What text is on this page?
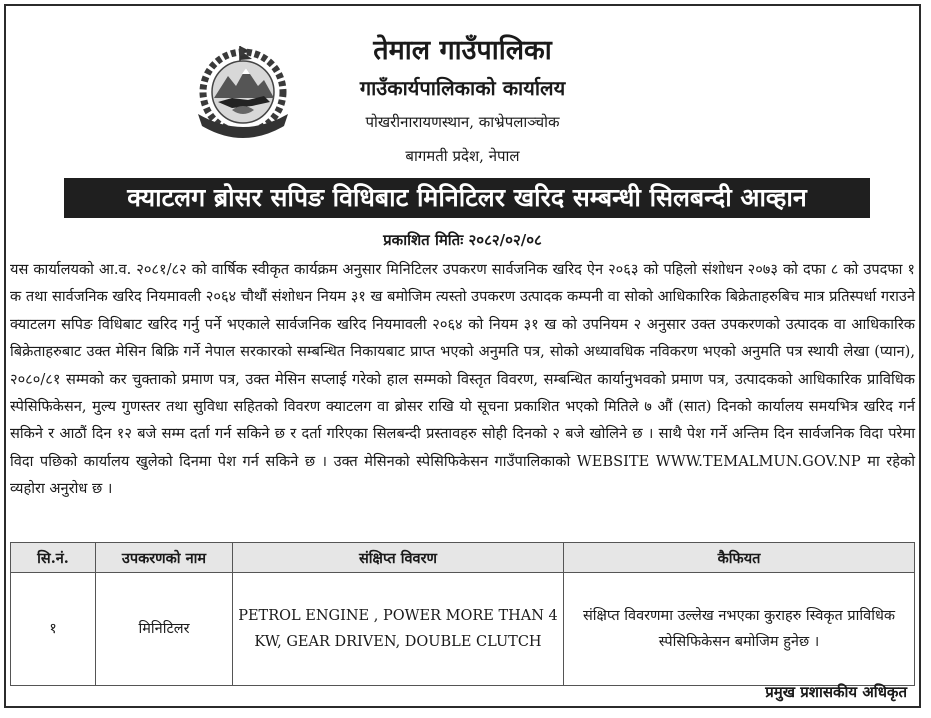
तेमाल गाउँपालिका
गाउँकार्यपालिकाको कार्यालय
पोखरीनारायणस्थान, काभ्रेपलाञ्चोक
बागमती प्रदेश, नेपाल
क्याटलग ब्रोसर सपिङ विधिबाट मिनिटिलर खरिद सम्बन्धी सिलबन्दी आव्हान
प्रकाशित मितिः २०८२/०२/०८

यस कार्यालयको आ.व. २०८१/८२ को वार्षिक स्वीकृत कार्यक्रम अनुसार मिनिटिलर उपकरण सार्वजनिक खरिद ऐन २०६३ को पहिलो संशोधन २०७३ को दफा ८ को उपदफा १ क तथा सार्वजनिक खरिद नियमावली २०६४ चौथौं संशोधन नियम ३१ ख बमोजिम त्यस्तो उपकरण उत्पादक कम्पनी वा सोको आधिकारिक बिक्रेताहरुबिच मात्र प्रतिस्पर्धा गराउने क्याटलग सपिङ विधिबाट खरिद गर्नु पर्ने भएकाले सार्वजनिक खरिद नियमावली २०६४ को नियम ३१ ख को उपनियम २ अनुसार उक्त उपकरणको उत्पादक वा आधिकारिक बिक्रेताहरुबाट उक्त मेसिन बिक्रि गर्ने नेपाल सरकारको सम्बन्धित निकायबाट प्राप्त भएको अनुमति पत्र, सोको अध्यावधिक नविकरण भएको अनुमति पत्र स्थायी लेखा (प्यान), २०८०/८१ सम्मको कर चुक्ताको प्रमाण पत्र, उक्त मेसिन सप्लाई गरेको हाल सम्मको विस्तृत विवरण, सम्बन्धित कार्यानुभवको प्रमाण पत्र, उत्पादकको आधिकारिक प्राविधिक स्पेसिफिकेसन, मुल्य गुणस्तर तथा सुविधा सहितको विवरण क्याटलग वा ब्रोसर राखि यो सूचना प्रकाशित भएको मितिले ७ औं (सात) दिनको कार्यालय समयभित्र खरिद गर्न सकिने र आठौं दिन १२ बजे सम्म दर्ता गर्न सकिने छ र दर्ता गरिएका सिलबन्दी प्रस्तावहरु सोही दिनको २ बजे खोलिने छ । साथै पेश गर्ने अन्तिम दिन सार्वजनिक विदा परेमा विदा पछिको कार्यालय खुलेको दिनमा पेश गर्न सकिने छ । उक्त मेसिनको स्पेसिफिकेसन गाउँपालिकाको WEBSITE WWW.TEMALMUN.GOV.NP मा रहेको व्यहोरा अनुरोध छ ।

सि.नं.	उपकरणको नाम	संक्षिप्त विवरण	कैफियत
१	मिनिटिलर	PETROL ENGINE , POWER MORE THAN 4 KW, GEAR DRIVEN, DOUBLE CLUTCH	संक्षिप्त विवरणमा उल्लेख नभएका कुराहरु स्विकृत प्राविधिक स्पेसिफिकेसन बमोजिम हुनेछ ।
प्रमुख प्रशासकीय अधिकृत
